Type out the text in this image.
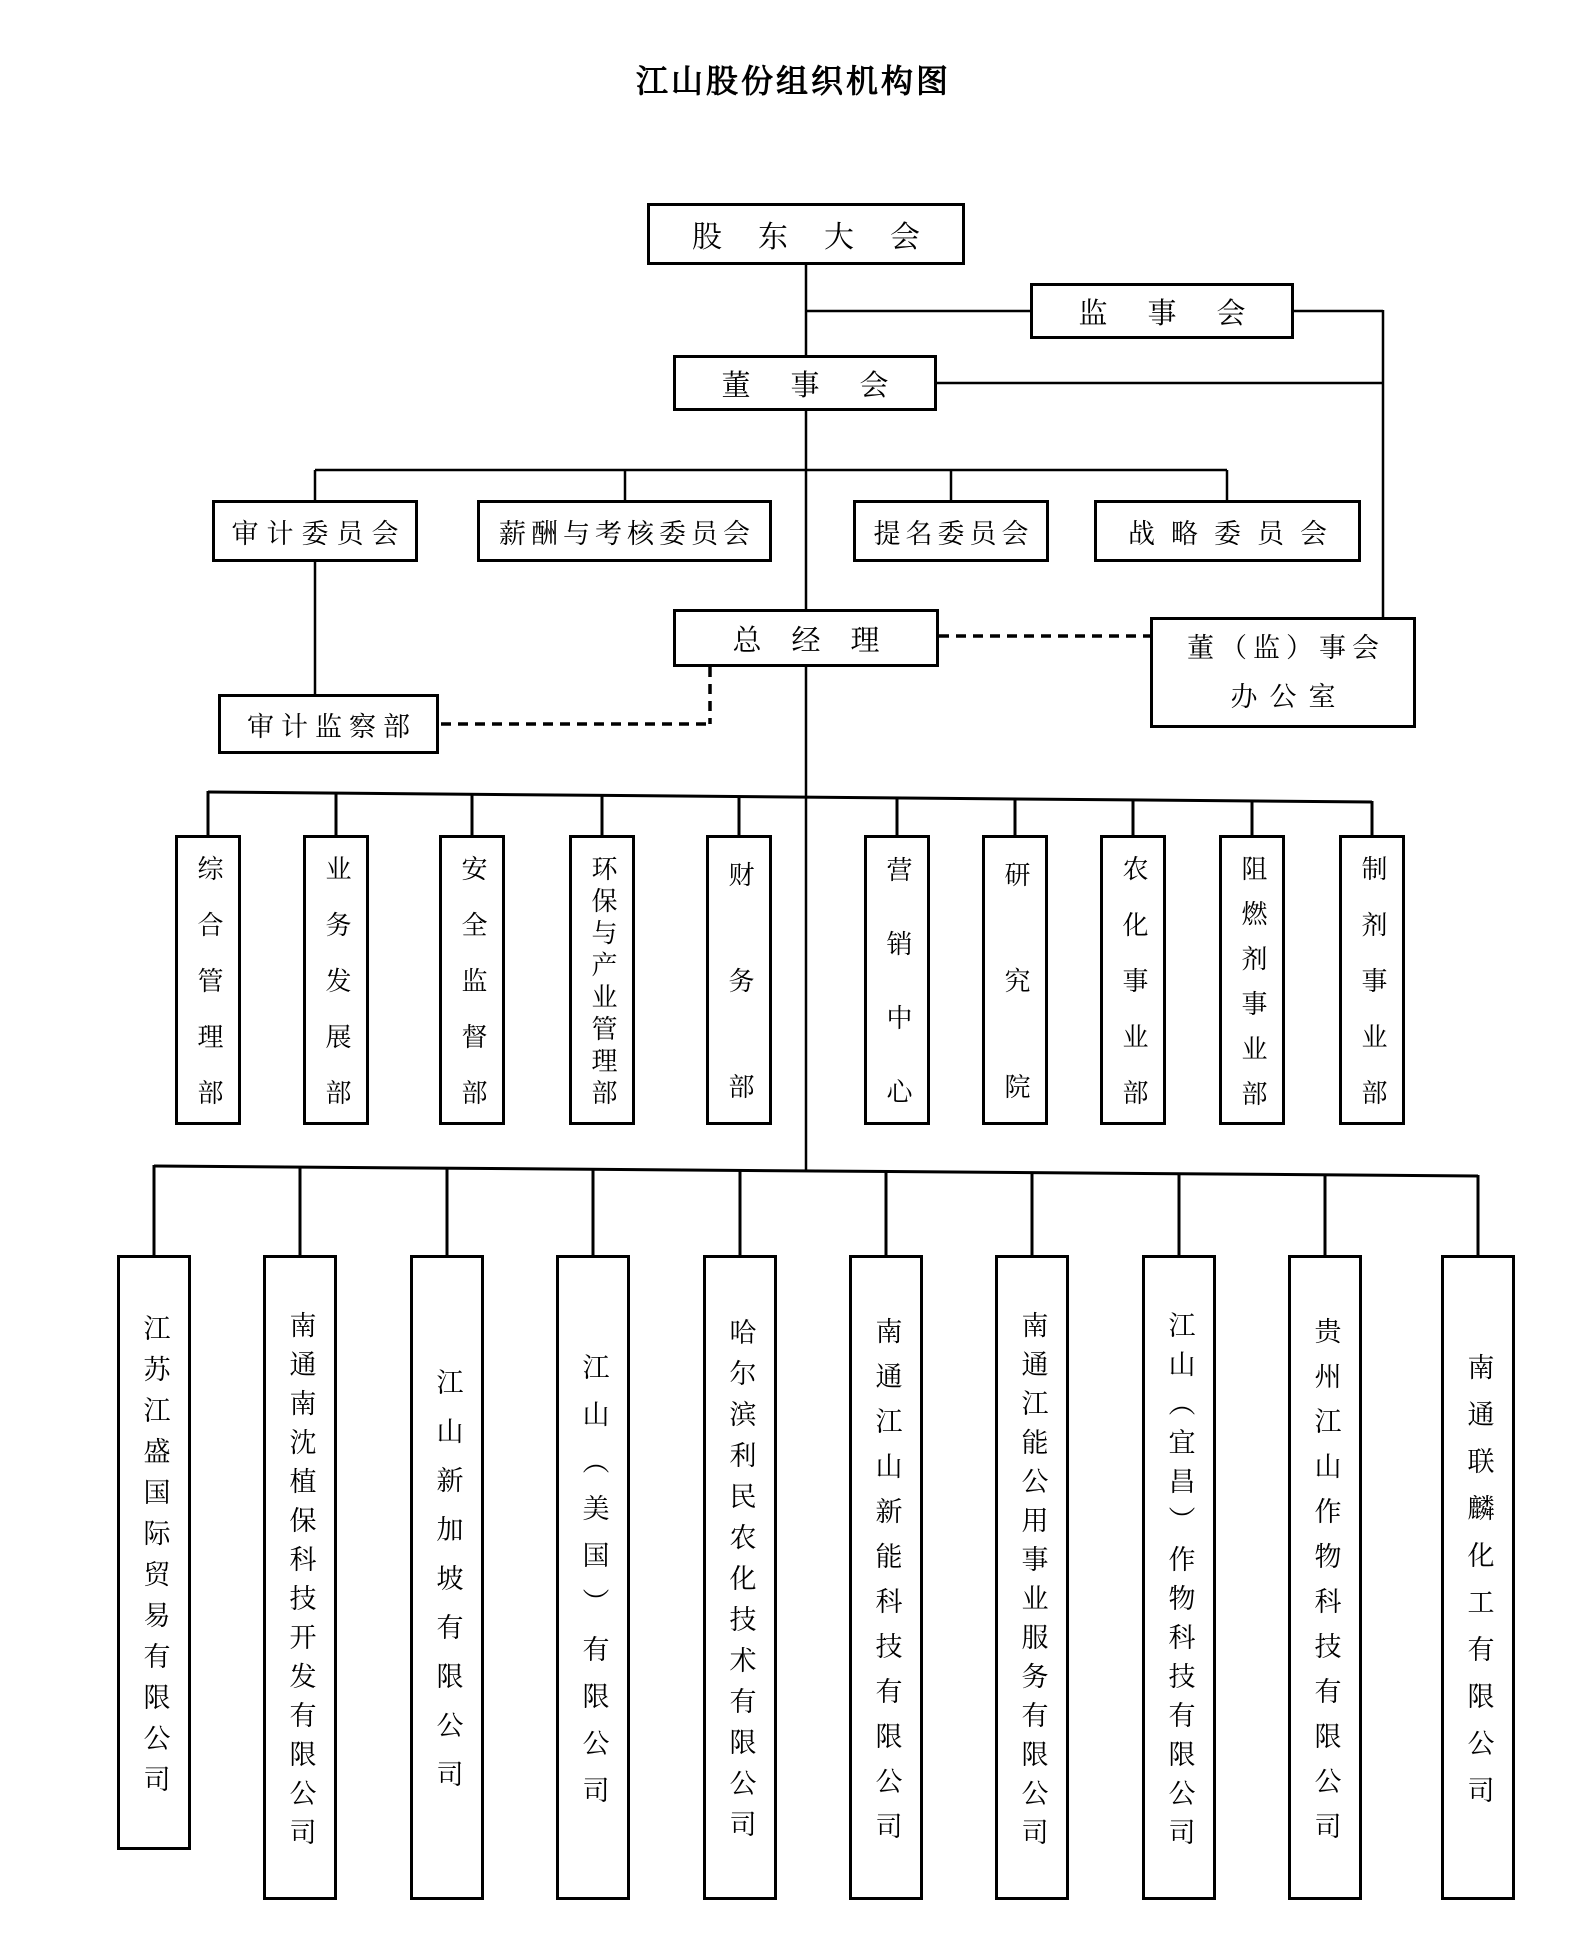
江山股份组织机构图
股东大会
监事会
董事会
审计委员会	薪酬与考核委员会	提名委员会	战略委员会
总经理	董（监）事会
办公室
审计监察部
综合管理部	业务发展部	安全监督部	环保与产业管理部	财务部	营销中心	研究院	农化事业部	阻燃剂事业部	制剂事业部
江苏江盛国际贸易有限公司	南通南沈植保科技开发有限公司	江山新加坡有限公司	江山（美国）有限公司	哈尔滨利民农化技术有限公司	南通江山新能科技有限公司	南通江能公用事业服务有限公司	江山（宜昌）作物科技有限公司	贵州江山作物科技有限公司	南通联麟化工有限公司
